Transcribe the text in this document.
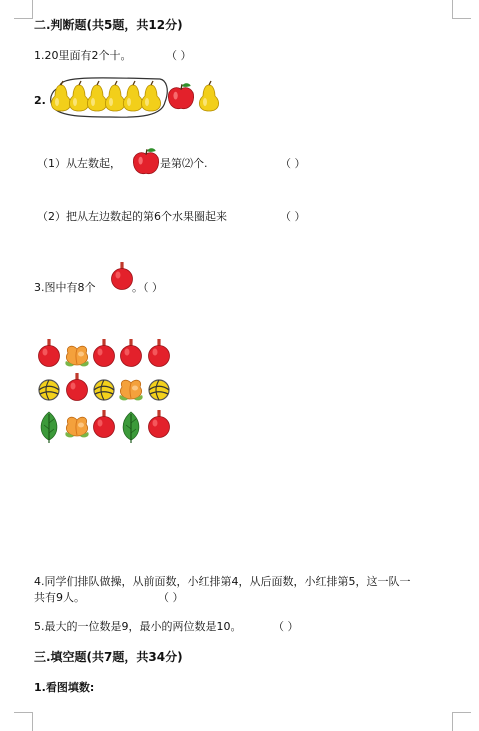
二.判断题(共5题，共12分)
1.20里面有2个十。	（ ）
2.
（1）从左数起，	是第⑵个.	（ ）
（2）把从左边数起的第6个水果圈起来	（ ）
3.图中有8个	。（ ）
4.同学们排队做操，从前面数，小红排第4，从后面数，小红排第5，这一队一
共有9人。	（ ）
5.最大的一位数是9，最小的两位数是10。	（ ）
三.填空题(共7题，共34分)
1.看图填数:
